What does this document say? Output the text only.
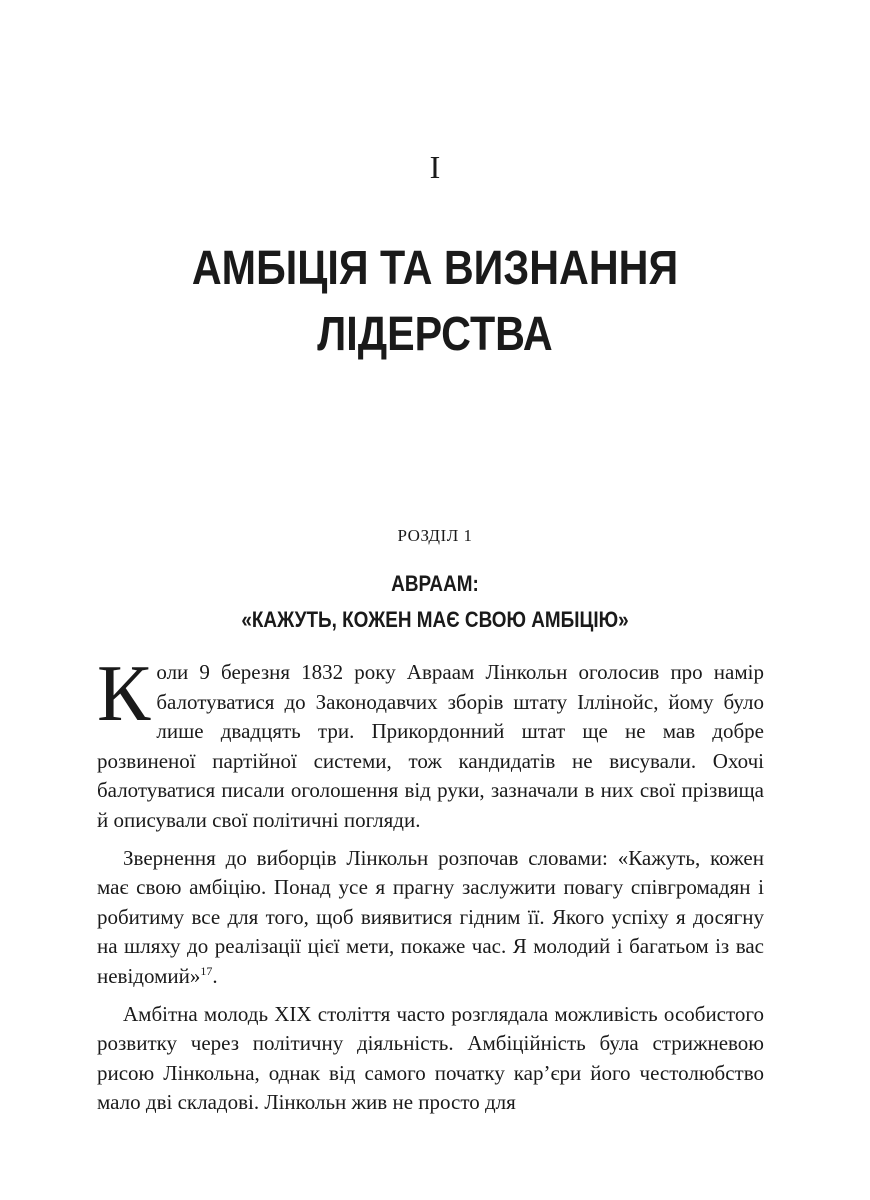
I
АМБІЦІЯ ТА ВИЗНАННЯ
ЛІДЕРСТВА
РОЗДІЛ 1
АВРААМ:
«КАЖУТЬ, КОЖЕН МАЄ СВОЮ АМБІЦІЮ»

Коли 9 березня 1832 року Авраам Лінкольн оголосив про намір балотуватися до Законодавчих зборів штату Іллінойс, йому було лише двадцять три. Прикордонний штат ще не мав добре розвиненої партійної системи, тож кандидатів не висували. Охочі балотуватися писали оголошення від руки, зазначали в них свої прізвища й описували свої політичні погляди.

Звернення до виборців Лінкольн розпочав словами: «Кажуть, кожен має свою амбіцію. Понад усе я прагну заслужити повагу співгромадян і робитиму все для того, щоб виявитися гідним її. Якого успіху я досягну на шляху до реалізації цієї мети, покаже час. Я молодий і багатьом із вас невідомий»$^{17}$.

Амбітна молодь XIX століття часто розглядала можливість особистого розвитку через політичну діяльність. Амбіційність була стрижневою рисою Лінкольна, однак від самого початку кар’єри його честолюбство мало дві складові. Лінкольн жив не просто для
